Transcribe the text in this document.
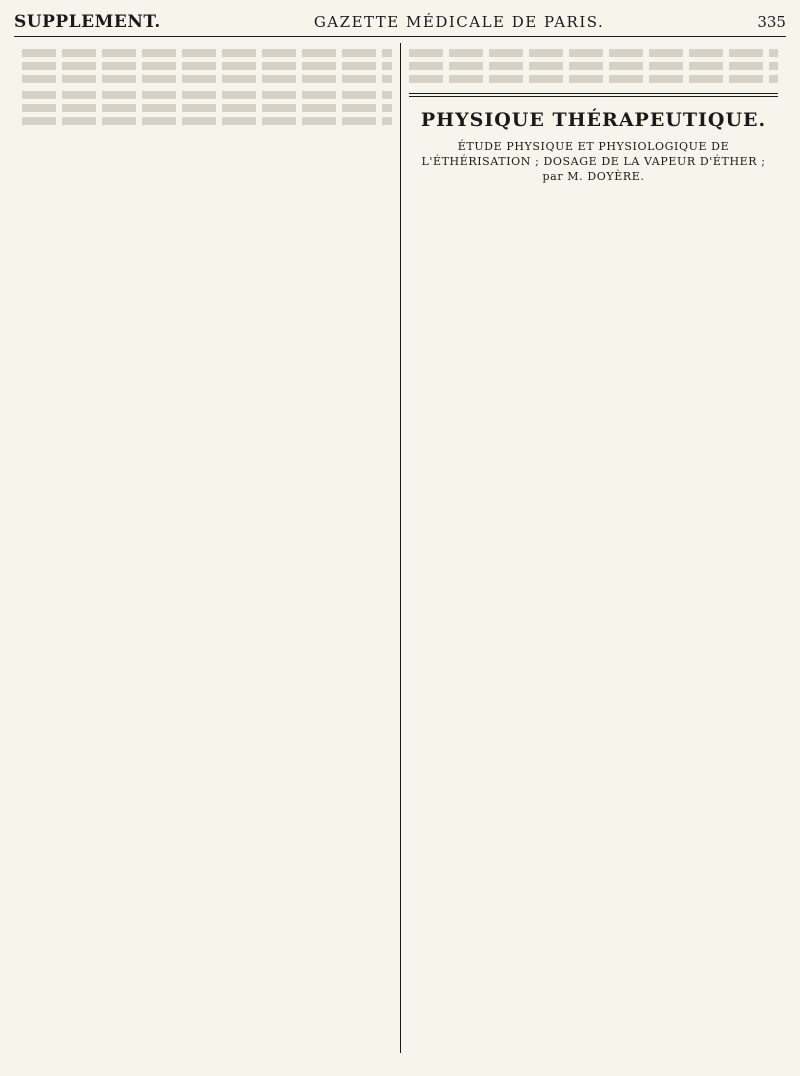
SUPPLEMENT.	GAZETTE MÉDICALE DE PARIS.	335

PHYSIQUE THÉRAPEUTIQUE.
ÉTUDE PHYSIQUE ET PHYSIOLOGIQUE DE L'ÉTHÉRISATION ; DOSAGE DE LA VAPEUR D'ÉTHER ; par M. DOYÈRE.
